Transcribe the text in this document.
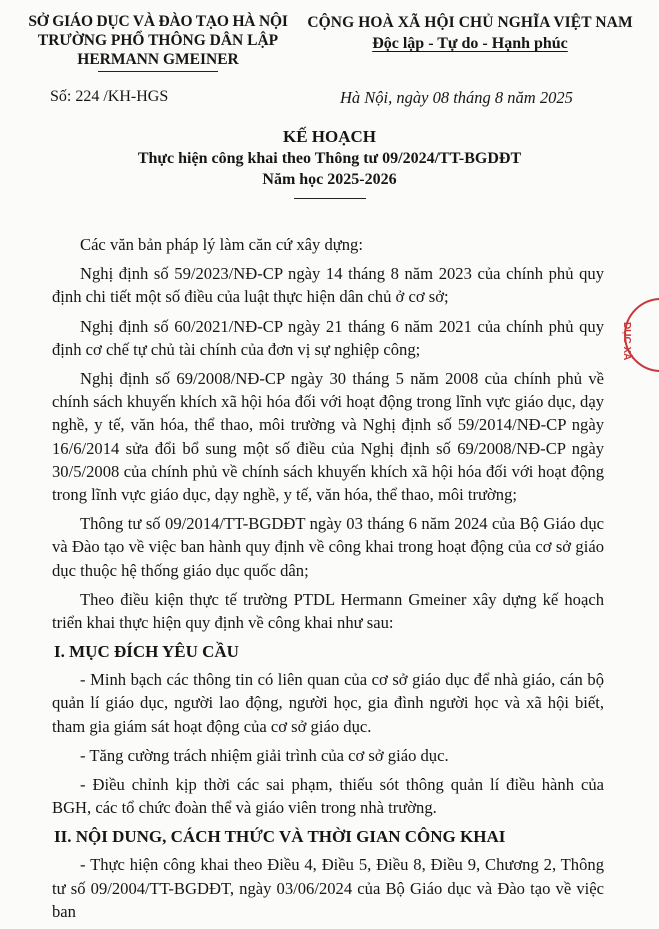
SỞ GIÁO DỤC VÀ ĐÀO TẠO HÀ NỘI
TRƯỜNG PHỔ THÔNG DÂN LẬP
HERMANN GMEINER
CỘNG HOÀ XÃ HỘI CHỦ NGHĨA VIỆT NAM
Độc lập - Tự do - Hạnh phúc
Số: 224 /KH-HGS	Hà Nội, ngày 08 tháng 8 năm 2025
KẾ HOẠCH
Thực hiện công khai theo Thông tư 09/2024/TT-BGDĐT
Năm học 2025-2026

Các văn bản pháp lý làm căn cứ xây dựng:

Nghị định số 59/2023/NĐ-CP ngày 14 tháng 8 năm 2023 của chính phủ quy định chi tiết một số điều của luật thực hiện dân chủ ở cơ sở;

Nghị định số 60/2021/NĐ-CP ngày 21 tháng 6 năm 2021 của chính phủ quy định cơ chế tự chủ tài chính của đơn vị sự nghiệp công;

Nghị định số 69/2008/NĐ-CP ngày 30 tháng 5 năm 2008 của chính phủ về chính sách khuyến khích xã hội hóa đối với hoạt động trong lĩnh vực giáo dục, dạy nghề, y tế, văn hóa, thể thao, môi trường và Nghị định số 59/2014/NĐ-CP ngày 16/6/2014 sửa đổi bổ sung một số điều của Nghị định số 69/2008/NĐ-CP ngày 30/5/2008 của chính phủ về chính sách khuyến khích xã hội hóa đối với hoạt động trong lĩnh vực giáo dục, dạy nghề, y tế, văn hóa, thể thao, môi trường;

Thông tư số 09/2014/TT-BGDĐT ngày 03 tháng 6 năm 2024 của Bộ Giáo dục và Đào tạo về việc ban hành quy định về công khai trong hoạt động của cơ sở giáo dục thuộc hệ thống giáo dục quốc dân;

Theo điều kiện thực tế trường PTDL Hermann Gmeiner xây dựng kế hoạch triển khai thực hiện quy định về công khai như sau:

I. MỤC ĐÍCH YÊU CẦU

- Minh bạch các thông tin có liên quan của cơ sở giáo dục để nhà giáo, cán bộ quản lí giáo dục, người lao động, người học, gia đình người học và xã hội biết, tham gia giám sát hoạt động của cơ sở giáo dục.

- Tăng cường trách nhiệm giải trình của cơ sở giáo dục.

- Điều chỉnh kịp thời các sai phạm, thiếu sót thông quản lí điều hành của BGH, các tổ chức đoàn thể và giáo viên trong nhà trường.

II. NỘI DUNG, CÁCH THỨC VÀ THỜI GIAN CÔNG KHAI

- Thực hiện công khai theo Điều 4, Điều 5, Điều 8, Điều 9, Chương 2, Thông tư số 09/2004/TT-BGDĐT, ngày 03/06/2024 của Bộ Giáo dục và Đào tạo về việc ban

DỤC XÃ
